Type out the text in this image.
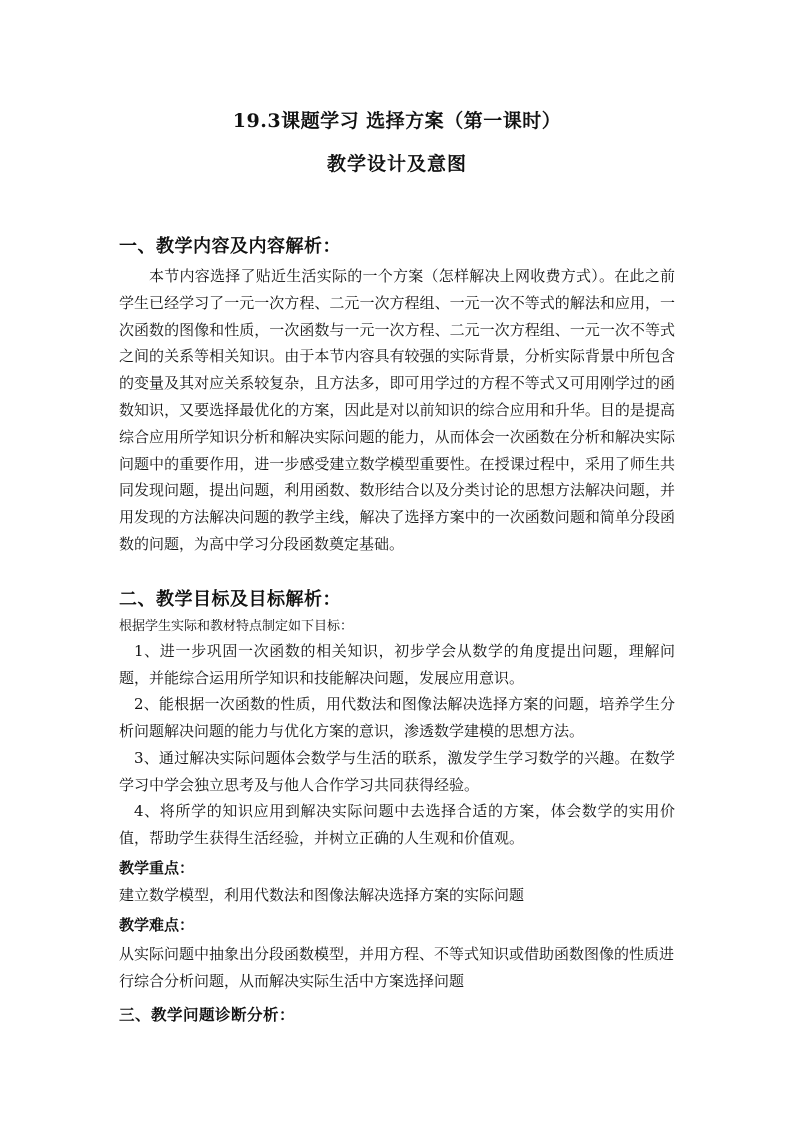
19.3课题学习 选择方案（第一课时）
教学设计及意图
一、教学内容及内容解析：

本节内容选择了贴近生活实际的一个方案（怎样解决上网收费方式）。在此之前学生已经学习了一元一次方程、二元一次方程组、一元一次不等式的解法和应用，一次函数的图像和性质，一次函数与一元一次方程、二元一次方程组、一元一次不等式之间的关系等相关知识。由于本节内容具有较强的实际背景，分析实际背景中所包含的变量及其对应关系较复杂，且方法多，即可用学过的方程不等式又可用刚学过的函数知识，又要选择最优化的方案，因此是对以前知识的综合应用和升华。目的是提高综合应用所学知识分析和解决实际问题的能力，从而体会一次函数在分析和解决实际问题中的重要作用，进一步感受建立数学模型重要性。在授课过程中，采用了师生共同发现问题，提出问题，利用函数、数形结合以及分类讨论的思想方法解决问题，并用发现的方法解决问题的教学主线，解决了选择方案中的一次函数问题和简单分段函数的问题，为高中学习分段函数奠定基础。

二、教学目标及目标解析：
根据学生实际和教材特点制定如下目标：

1、进一步巩固一次函数的相关知识，初步学会从数学的角度提出问题，理解问题，并能综合运用所学知识和技能解决问题，发展应用意识。

2、能根据一次函数的性质，用代数法和图像法解决选择方案的问题，培养学生分析问题解决问题的能力与优化方案的意识，渗透数学建模的思想方法。

3、通过解决实际问题体会数学与生活的联系，激发学生学习数学的兴趣。在数学学习中学会独立思考及与他人合作学习共同获得经验。

4、将所学的知识应用到解决实际问题中去选择合适的方案，体会数学的实用价值，帮助学生获得生活经验，并树立正确的人生观和价值观。

教学重点：

建立数学模型，利用代数法和图像法解决选择方案的实际问题

教学难点：

从实际问题中抽象出分段函数模型，并用方程、不等式知识或借助函数图像的性质进行综合分析问题，从而解决实际生活中方案选择问题

三、教学问题诊断分析：
